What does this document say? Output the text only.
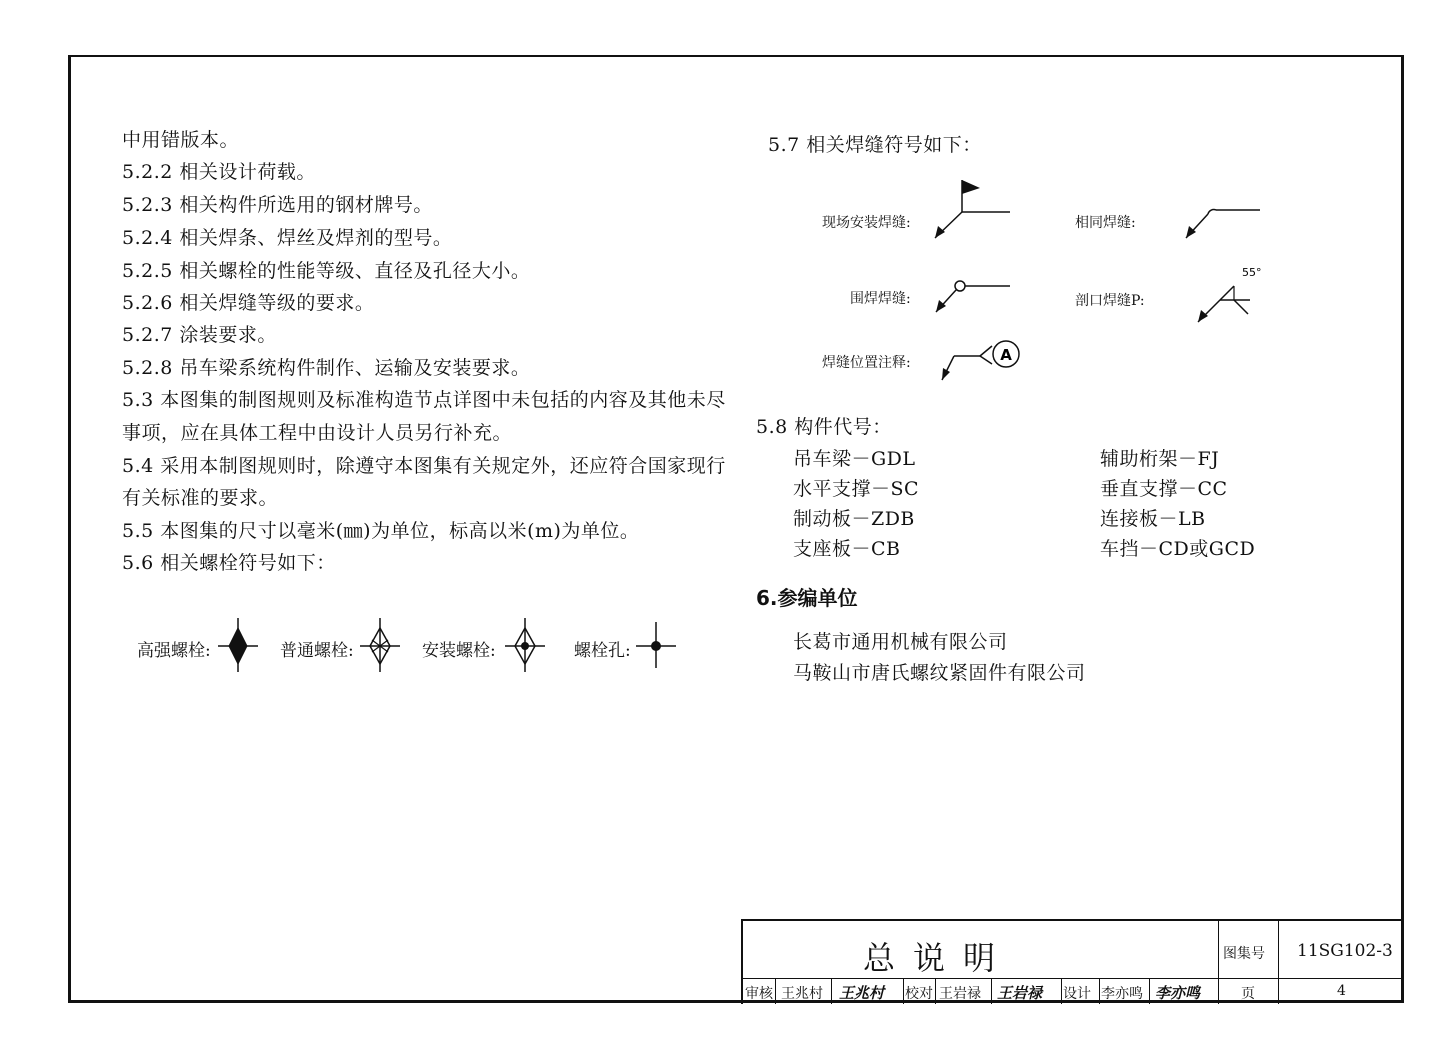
中用错版本。
5.2.2 相关设计荷载。
5.2.3 相关构件所选用的钢材牌号。
5.2.4 相关焊条、焊丝及焊剂的型号。
5.2.5 相关螺栓的性能等级、直径及孔径大小。
5.2.6 相关焊缝等级的要求。
5.2.7 涂装要求。
5.2.8 吊车梁系统构件制作、运输及安装要求。
5.3 本图集的制图规则及标准构造节点详图中未包括的内容及其他未尽
事项，应在具体工程中由设计人员另行补充。
5.4 采用本制图规则时，除遵守本图集有关规定外，还应符合国家现行
有关标准的要求。
5.5 本图集的尺寸以毫米(㎜)为单位，标高以米(m)为单位。
5.6 相关螺栓符号如下：
高强螺栓:	普通螺栓:	安装螺栓:	螺栓孔:
5.7 相关焊缝符号如下：
现场安装焊缝:	相同焊缝:
围焊焊缝:	剖口焊缝P:
55°
焊缝位置注释:	A
5.8 构件代号：
吊车梁－GDL	辅助桁架－FJ
水平支撑－SC	垂直支撑－CC
制动板－ZDB	连接板－LB
支座板－CB	车挡－CD或GCD
6.参编单位
长葛市通用机械有限公司
马鞍山市唐氏螺纹紧固件有限公司
总说明	图集号 11SG102-3
审核 王兆村 王兆村 校对 王岩禄 王岩禄 设计 李亦鸣 李亦鸣	页	4
